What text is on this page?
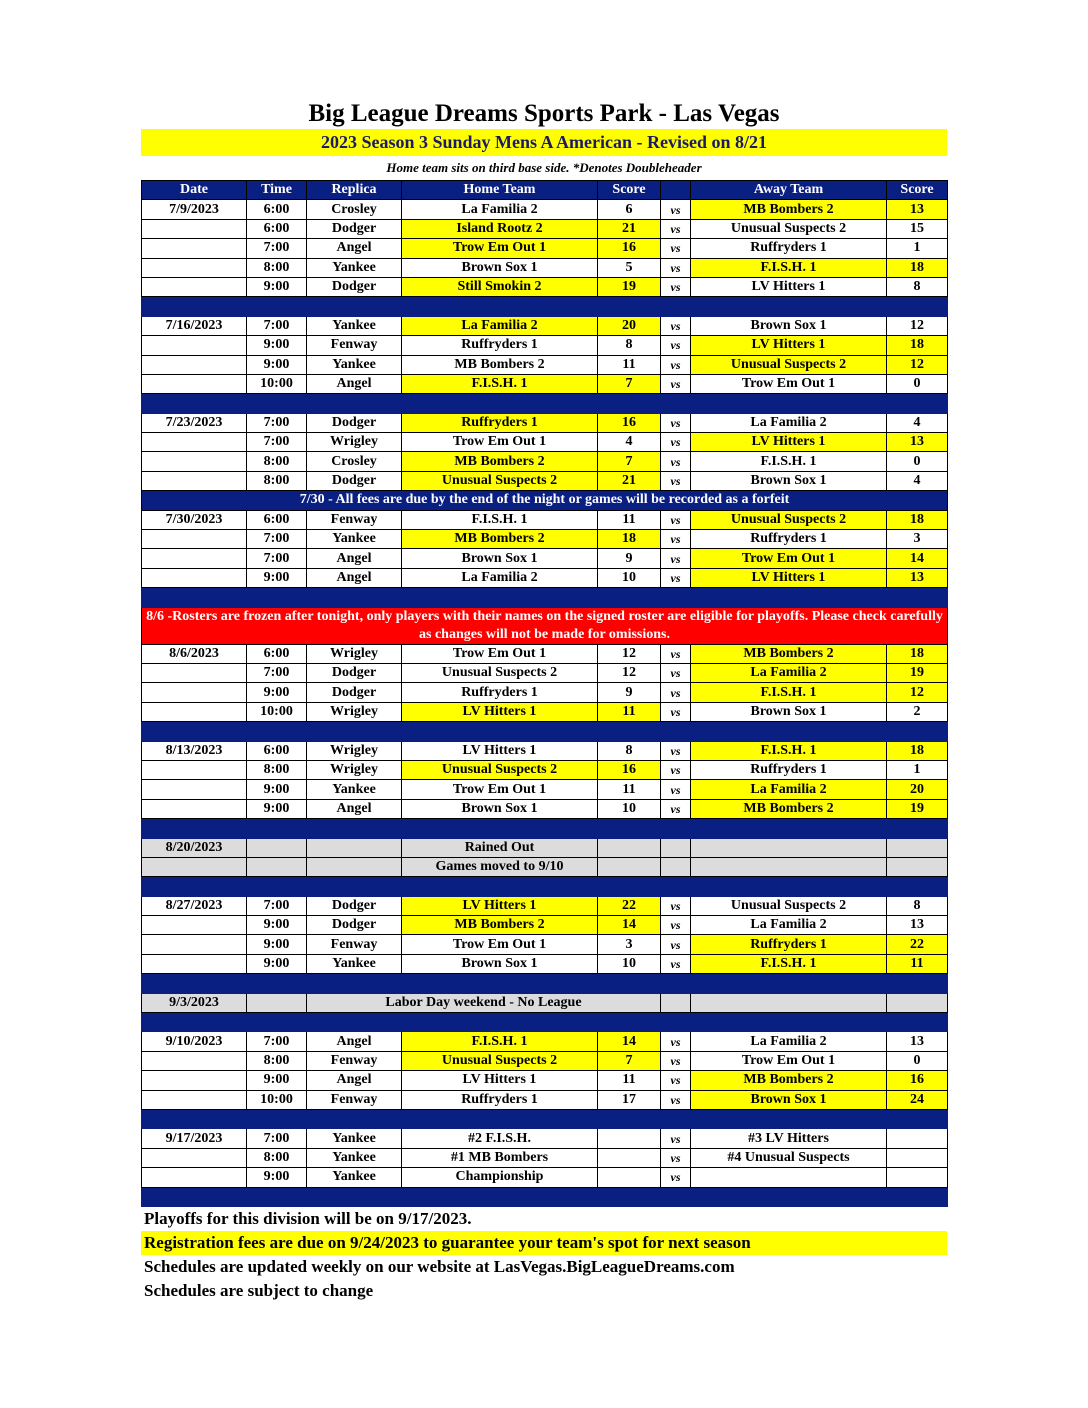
Big League Dreams Sports Park - Las Vegas
2023 Season 3 Sunday Mens A American - Revised on 8/21
Home team sits on third base side. *Denotes Doubleheader
Date	Time	Replica	Home Team	Score		Away Team	Score
7/9/2023	6:00	Crosley	La Familia 2	6	vs	MB Bombers 2	13
	6:00	Dodger	Island Rootz 2	21	vs	Unusual Suspects 2	15
	7:00	Angel	Trow Em Out 1	16	vs	Ruffryders 1	1
	8:00	Yankee	Brown Sox 1	5	vs	F.I.S.H. 1	18
	9:00	Dodger	Still Smokin 2	19	vs	LV Hitters 1	8

7/16/2023	7:00	Yankee	La Familia 2	20	vs	Brown Sox 1	12
	9:00	Fenway	Ruffryders 1	8	vs	LV Hitters 1	18
	9:00	Yankee	MB Bombers 2	11	vs	Unusual Suspects 2	12
	10:00	Angel	F.I.S.H. 1	7	vs	Trow Em Out 1	0

7/23/2023	7:00	Dodger	Ruffryders 1	16	vs	La Familia 2	4
	7:00	Wrigley	Trow Em Out 1	4	vs	LV Hitters 1	13
	8:00	Crosley	MB Bombers 2	7	vs	F.I.S.H. 1	0
	8:00	Dodger	Unusual Suspects 2	21	vs	Brown Sox 1	4
7/30 - All fees are due by the end of the night or games will be recorded as a forfeit							
7/30/2023	6:00	Fenway	F.I.S.H. 1	11	vs	Unusual Suspects 2	18
	7:00	Yankee	MB Bombers 2	18	vs	Ruffryders 1	3
	7:00	Angel	Brown Sox 1	9	vs	Trow Em Out 1	14
	9:00	Angel	La Familia 2	10	vs	LV Hitters 1	13

8/6 -Rosters are frozen after tonight, only players with their names on the signed roster are eligible for playoffs. Please check carefully as changes will not be made for omissions.							
8/6/2023	6:00	Wrigley	Trow Em Out 1	12	vs	MB Bombers 2	18
	7:00	Dodger	Unusual Suspects 2	12	vs	La Familia 2	19
	9:00	Dodger	Ruffryders 1	9	vs	F.I.S.H. 1	12
	10:00	Wrigley	LV Hitters 1	11	vs	Brown Sox 1	2

8/13/2023	6:00	Wrigley	LV Hitters 1	8	vs	F.I.S.H. 1	18
	8:00	Wrigley	Unusual Suspects 2	16	vs	Ruffryders 1	1
	9:00	Yankee	Trow Em Out 1	11	vs	La Familia 2	20
	9:00	Angel	Brown Sox 1	10	vs	MB Bombers 2	19

8/20/2023			Rained Out				
			Games moved to 9/10				

8/27/2023	7:00	Dodger	LV Hitters 1	22	vs	Unusual Suspects 2	8
	9:00	Dodger	MB Bombers 2	14	vs	La Familia 2	13
	9:00	Fenway	Trow Em Out 1	3	vs	Ruffryders 1	22
	9:00	Yankee	Brown Sox 1	10	vs	F.I.S.H. 1	11

9/3/2023		Labor Day weekend - No League					

9/10/2023	7:00	Angel	F.I.S.H. 1	14	vs	La Familia 2	13
	8:00	Fenway	Unusual Suspects 2	7	vs	Trow Em Out 1	0
	9:00	Angel	LV Hitters 1	11	vs	MB Bombers 2	16
	10:00	Fenway	Ruffryders 1	17	vs	Brown Sox 1	24

9/17/2023	7:00	Yankee	#2 F.I.S.H.		vs	#3 LV Hitters	
	8:00	Yankee	#1 MB Bombers		vs	#4 Unusual Suspects	
	9:00	Yankee	Championship		vs		

Playoffs for this division will be on 9/17/2023.
Registration fees are due on 9/24/2023 to guarantee your team's spot for next season
Schedules are updated weekly on our website at LasVegas.BigLeagueDreams.com
Schedules are subject to change
